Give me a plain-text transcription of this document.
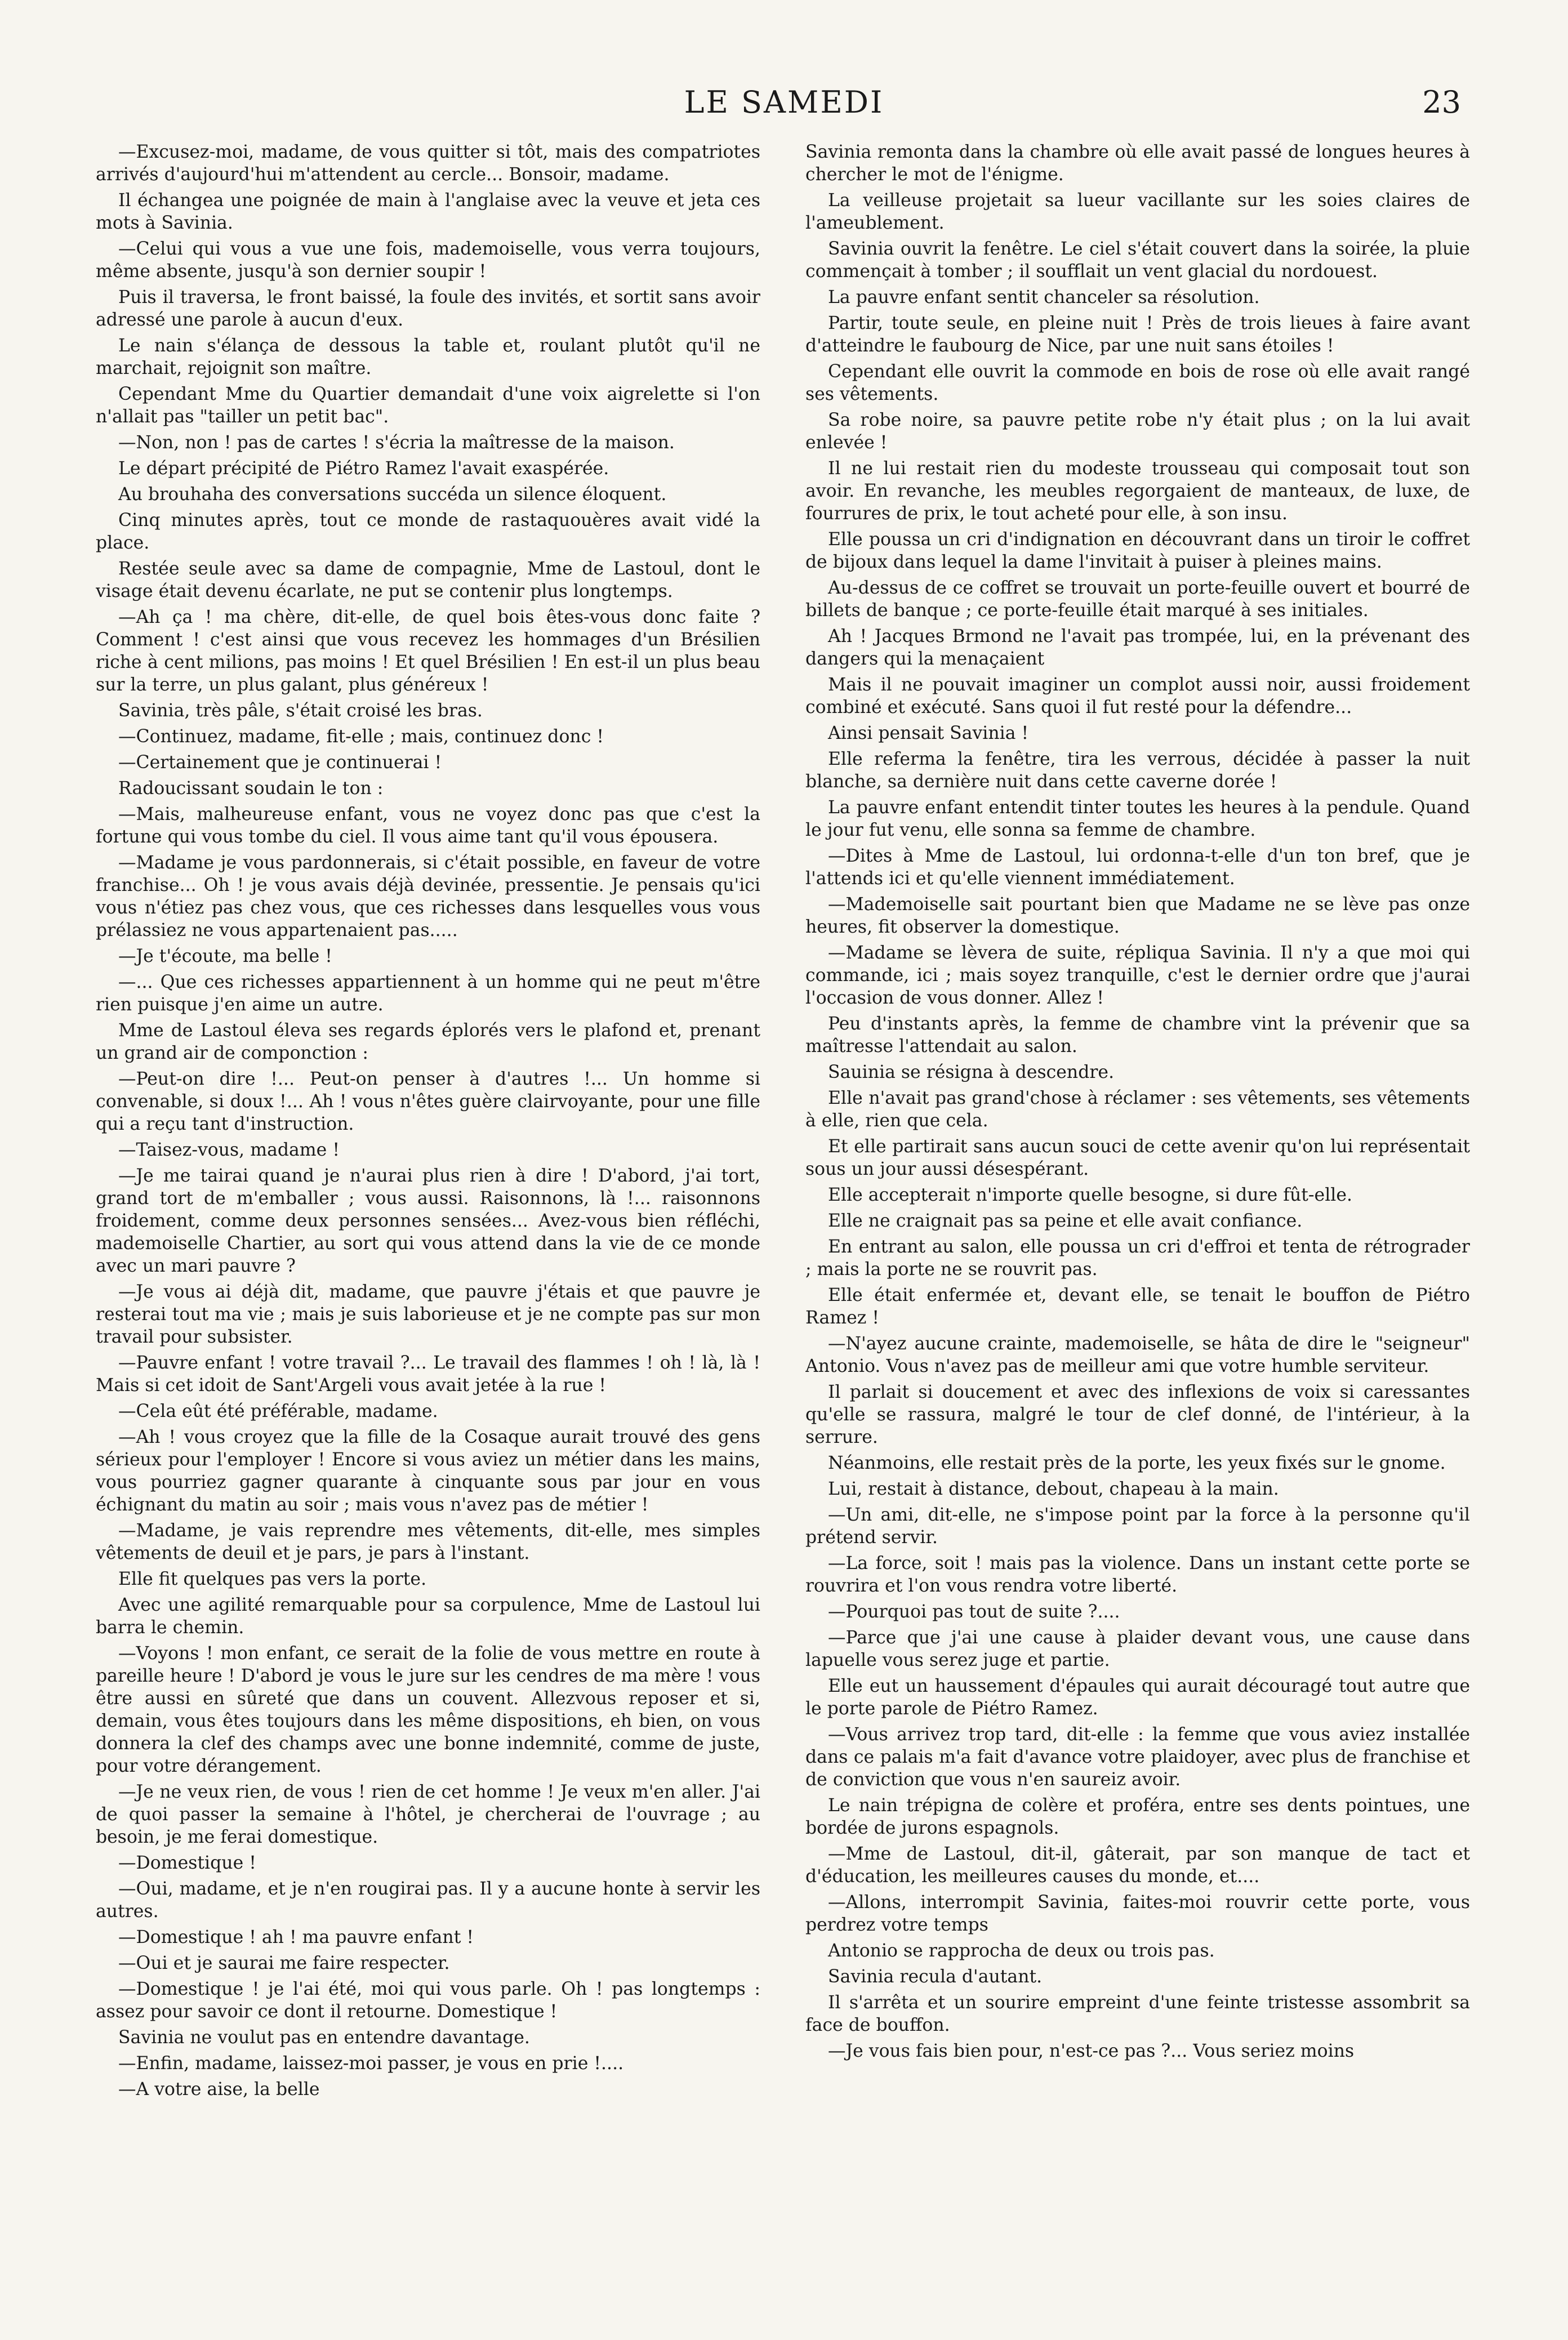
LE SAMEDI	23

—Excusez-moi, madame, de vous quitter si tôt, mais des compatriotes arrivés d'aujourd'hui m'attendent au cercle... Bonsoir, madame.

Il échangea une poignée de main à l'anglaise avec la veuve et jeta ces mots à Savinia.

—Celui qui vous a vue une fois, mademoiselle, vous verra toujours, même absente, jusqu'à son dernier soupir !

Puis il traversa, le front baissé, la foule des invités, et sortit sans avoir adressé une parole à aucun d'eux.

Le nain s'élança de dessous la table et, roulant plutôt qu'il ne marchait, rejoignit son maître.

Cependant Mme du Quartier demandait d'une voix aigrelette si l'on n'allait pas "tailler un petit bac".

—Non, non ! pas de cartes ! s'écria la maîtresse de la maison.

Le départ précipité de Piétro Ramez l'avait exaspérée.

Au brouhaha des conversations succéda un silence éloquent.

Cinq minutes après, tout ce monde de rastaquouères avait vidé la place.

Restée seule avec sa dame de compagnie, Mme de Lastoul, dont le visage était devenu écarlate, ne put se contenir plus longtemps.

—Ah ça ! ma chère, dit-elle, de quel bois êtes-vous donc faite ? Comment ! c'est ainsi que vous recevez les hommages d'un Brésilien riche à cent milions, pas moins ! Et quel Brésilien ! En est-il un plus beau sur la terre, un plus galant, plus généreux !

Savinia, très pâle, s'était croisé les bras.

—Continuez, madame, fit-elle ; mais, continuez donc !

—Certainement que je continuerai !

Radoucissant soudain le ton :

—Mais, malheureuse enfant, vous ne voyez donc pas que c'est la fortune qui vous tombe du ciel. Il vous aime tant qu'il vous épousera.

—Madame je vous pardonnerais, si c'était possible, en faveur de votre franchise... Oh ! je vous avais déjà devinée, pressentie. Je pensais qu'ici vous n'étiez pas chez vous, que ces richesses dans lesquelles vous vous prélassiez ne vous appartenaient pas.....

—Je t'écoute, ma belle !

—... Que ces richesses appartiennent à un homme qui ne peut m'être rien puisque j'en aime un autre.

Mme de Lastoul éleva ses regards éplorés vers le plafond et, prenant un grand air de componction :

—Peut-on dire !... Peut-on penser à d'autres !... Un homme si convenable, si doux !... Ah ! vous n'êtes guère clairvoyante, pour une fille qui a reçu tant d'instruction.

—Taisez-vous, madame !

—Je me tairai quand je n'aurai plus rien à dire ! D'abord, j'ai tort, grand tort de m'emballer ; vous aussi. Raisonnons, là !... raisonnons froidement, comme deux personnes sensées... Avez-vous bien réfléchi, mademoiselle Chartier, au sort qui vous attend dans la vie de ce monde avec un mari pauvre ?

—Je vous ai déjà dit, madame, que pauvre j'étais et que pauvre je resterai tout ma vie ; mais je suis laborieuse et je ne compte pas sur mon travail pour subsister.

—Pauvre enfant ! votre travail ?... Le travail des flammes ! oh ! là, là ! Mais si cet idoit de Sant'Argeli vous avait jetée à la rue !

—Cela eût été préférable, madame.

—Ah ! vous croyez que la fille de la Cosaque aurait trouvé des gens sérieux pour l'employer ! Encore si vous aviez un métier dans les mains, vous pourriez gagner quarante à cinquante sous par jour en vous échignant du matin au soir ; mais vous n'avez pas de métier !

—Madame, je vais reprendre mes vêtements, dit-elle, mes simples vêtements de deuil et je pars, je pars à l'instant.

Elle fit quelques pas vers la porte.

Avec une agilité remarquable pour sa corpulence, Mme de Lastoul lui barra le chemin.

—Voyons ! mon enfant, ce serait de la folie de vous mettre en route à pareille heure ! D'abord je vous le jure sur les cendres de ma mère ! vous être aussi en sûreté que dans un couvent. Allezvous reposer et si, demain, vous êtes toujours dans les même dispositions, eh bien, on vous donnera la clef des champs avec une bonne indemnité, comme de juste, pour votre dérangement.

—Je ne veux rien, de vous ! rien de cet homme ! Je veux m'en aller. J'ai de quoi passer la semaine à l'hôtel, je chercherai de l'ouvrage ; au besoin, je me ferai domestique.

—Domestique !

—Oui, madame, et je n'en rougirai pas. Il y a aucune honte à servir les autres.

—Domestique ! ah ! ma pauvre enfant !

—Oui et je saurai me faire respecter.

—Domestique ! je l'ai été, moi qui vous parle. Oh ! pas longtemps : assez pour savoir ce dont il retourne. Domestique !

Savinia ne voulut pas en entendre davantage.

—Enfin, madame, laissez-moi passer, je vous en prie !....

—A votre aise, la belle

Savinia remonta dans la chambre où elle avait passé de longues heures à chercher le mot de l'énigme.

La veilleuse projetait sa lueur vacillante sur les soies claires de l'ameublement.

Savinia ouvrit la fenêtre. Le ciel s'était couvert dans la soirée, la pluie commençait à tomber ; il soufflait un vent glacial du nordouest.

La pauvre enfant sentit chanceler sa résolution.

Partir, toute seule, en pleine nuit ! Près de trois lieues à faire avant d'atteindre le faubourg de Nice, par une nuit sans étoiles !

Cependant elle ouvrit la commode en bois de rose où elle avait rangé ses vêtements.

Sa robe noire, sa pauvre petite robe n'y était plus ; on la lui avait enlevée !

Il ne lui restait rien du modeste trousseau qui composait tout son avoir. En revanche, les meubles regorgaient de manteaux, de luxe, de fourrures de prix, le tout acheté pour elle, à son insu.

Elle poussa un cri d'indignation en découvrant dans un tiroir le coffret de bijoux dans lequel la dame l'invitait à puiser à pleines mains.

Au-dessus de ce coffret se trouvait un porte-feuille ouvert et bourré de billets de banque ; ce porte-feuille était marqué à ses initiales.

Ah ! Jacques Brmond ne l'avait pas trompée, lui, en la prévenant des dangers qui la menaçaient

Mais il ne pouvait imaginer un complot aussi noir, aussi froidement combiné et exécuté. Sans quoi il fut resté pour la défendre...

Ainsi pensait Savinia !

Elle referma la fenêtre, tira les verrous, décidée à passer la nuit blanche, sa dernière nuit dans cette caverne dorée !

La pauvre enfant entendit tinter toutes les heures à la pendule. Quand le jour fut venu, elle sonna sa femme de chambre.

—Dites à Mme de Lastoul, lui ordonna-t-elle d'un ton bref, que je l'attends ici et qu'elle viennent immédiatement.

—Mademoiselle sait pourtant bien que Madame ne se lève pas onze heures, fit observer la domestique.

—Madame se lèvera de suite, répliqua Savinia. Il n'y a que moi qui commande, ici ; mais soyez tranquille, c'est le dernier ordre que j'aurai l'occasion de vous donner. Allez !

Peu d'instants après, la femme de chambre vint la prévenir que sa maîtresse l'attendait au salon.

Sauinia se résigna à descendre.

Elle n'avait pas grand'chose à réclamer : ses vêtements, ses vêtements à elle, rien que cela.

Et elle partirait sans aucun souci de cette avenir qu'on lui représentait sous un jour aussi désespérant.

Elle accepterait n'importe quelle besogne, si dure fût-elle.

Elle ne craignait pas sa peine et elle avait confiance.

En entrant au salon, elle poussa un cri d'effroi et tenta de rétrograder ; mais la porte ne se rouvrit pas.

Elle était enfermée et, devant elle, se tenait le bouffon de Piétro Ramez !

—N'ayez aucune crainte, mademoiselle, se hâta de dire le "seigneur" Antonio. Vous n'avez pas de meilleur ami que votre humble serviteur.

Il parlait si doucement et avec des inflexions de voix si caressantes qu'elle se rassura, malgré le tour de clef donné, de l'intérieur, à la serrure.

Néanmoins, elle restait près de la porte, les yeux fixés sur le gnome.

Lui, restait à distance, debout, chapeau à la main.

—Un ami, dit-elle, ne s'impose point par la force à la personne qu'il prétend servir.

—La force, soit ! mais pas la violence. Dans un instant cette porte se rouvrira et l'on vous rendra votre liberté.

—Pourquoi pas tout de suite ?....

—Parce que j'ai une cause à plaider devant vous, une cause dans lapuelle vous serez juge et partie.

Elle eut un haussement d'épaules qui aurait découragé tout autre que le porte parole de Piétro Ramez.

—Vous arrivez trop tard, dit-elle : la femme que vous aviez installée dans ce palais m'a fait d'avance votre plaidoyer, avec plus de franchise et de conviction que vous n'en saureiz avoir.

Le nain trépigna de colère et proféra, entre ses dents pointues, une bordée de jurons espagnols.

—Mme de Lastoul, dit-il, gâterait, par son manque de tact et d'éducation, les meilleures causes du monde, et....

—Allons, interrompit Savinia, faites-moi rouvrir cette porte, vous perdrez votre temps

Antonio se rapprocha de deux ou trois pas.

Savinia recula d'autant.

Il s'arrêta et un sourire empreint d'une feinte tristesse assombrit sa face de bouffon.

—Je vous fais bien pour, n'est-ce pas ?... Vous seriez moins
